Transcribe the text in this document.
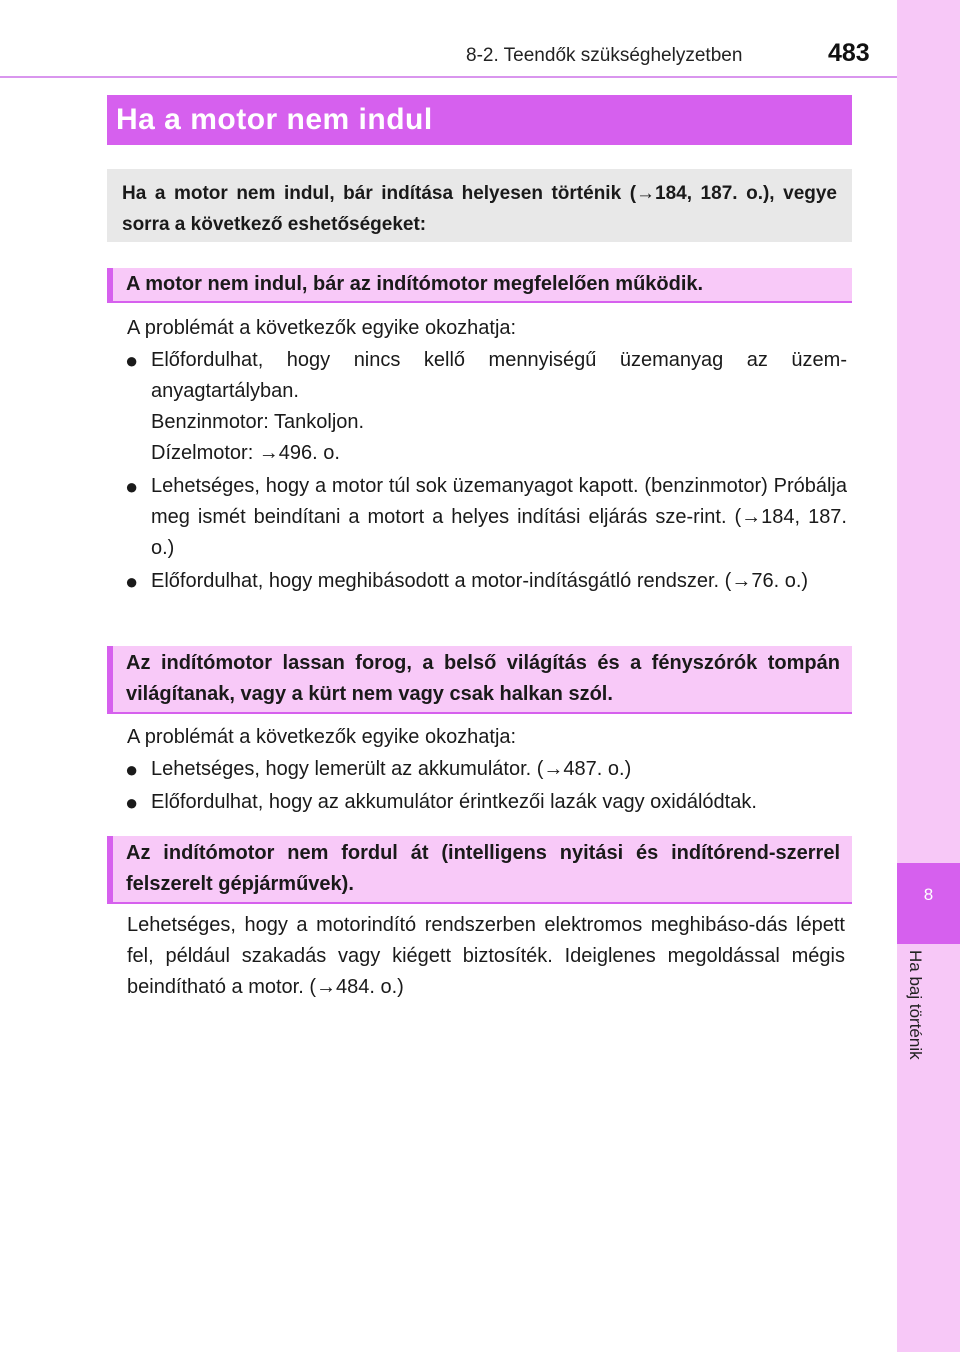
8
Ha baj történik
8-2. Teendők szükséghelyzetben	483
Ha a motor nem indul
Ha a motor nem indul, bár indítása helyesen történik (→184, 187. o.), vegye sorra a következő eshetőségeket:
A motor nem indul, bár az indítómotor megfelelően működik.
A problémát a következők egyike okozhatja:
● Előfordulhat, hogy nincs kellő mennyiségű üzemanyag az üzem-anyagtartályban.
Benzinmotor: Tankoljon.
Dízelmotor: →496. o.
● Lehetséges, hogy a motor túl sok üzemanyagot kapott. (benzinmotor) Próbálja meg ismét beindítani a motort a helyes indítási eljárás sze-rint. (→184, 187. o.)
● Előfordulhat, hogy meghibásodott a motor-indításgátló rendszer. (→76. o.)
Az indítómotor lassan forog, a belső világítás és a fényszórók tompán világítanak, vagy a kürt nem vagy csak halkan szól.
A problémát a következők egyike okozhatja:
● Lehetséges, hogy lemerült az akkumulátor. (→487. o.)
● Előfordulhat, hogy az akkumulátor érintkezői lazák vagy oxidálódtak.
Az indítómotor nem fordul át (intelligens nyitási és indítórend-szerrel felszerelt gépjárművek).
Lehetséges, hogy a motorindító rendszerben elektromos meghibáso-dás lépett fel, például szakadás vagy kiégett biztosíték. Ideiglenes megoldással mégis beindítható a motor. (→484. o.)
